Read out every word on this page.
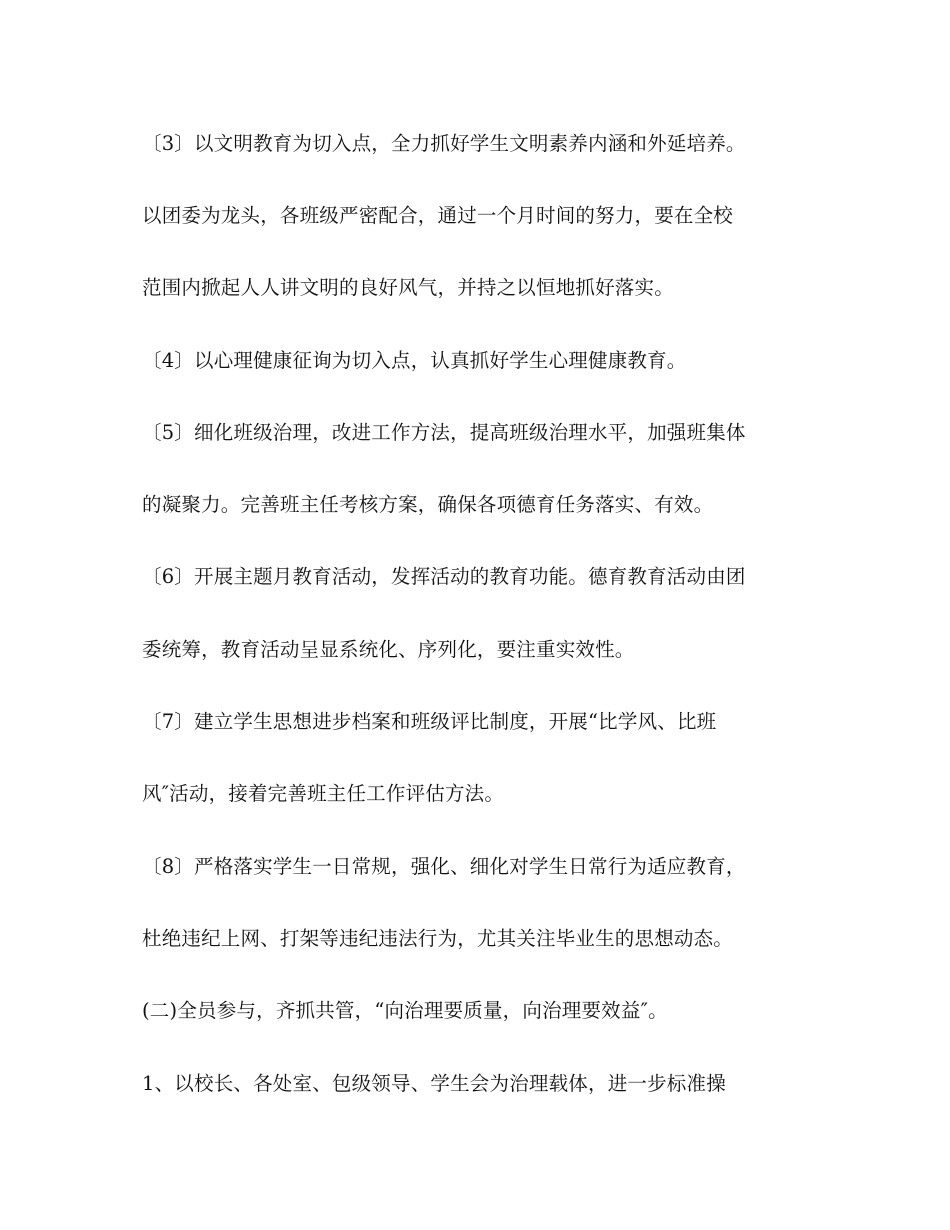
〔3〕以文明教育为切入点，全力抓好学生文明素养内涵和外延培养。
以团委为龙头，各班级严密配合，通过一个月时间的努力，要在全校
范围内掀起人人讲文明的良好风气，并持之以恒地抓好落实。
〔4〕以心理健康征询为切入点，认真抓好学生心理健康教育。
〔5〕细化班级治理，改进工作方法，提高班级治理水平，加强班集体
的凝聚力。完善班主任考核方案，确保各项德育任务落实、有效。
〔6〕开展主题月教育活动，发挥活动的教育功能。德育教育活动由团
委统筹，教育活动呈显系统化、序列化，要注重实效性。
〔7〕建立学生思想进步档案和班级评比制度，开展“比学风、比班
风″活动，接着完善班主任工作评估方法。
〔8〕严格落实学生一日常规，强化、细化对学生日常行为适应教育，
杜绝违纪上网、打架等违纪违法行为，尤其关注毕业生的思想动态。
(二)全员参与，齐抓共管，“向治理要质量，向治理要效益″。
1、以校长、各处室、包级领导、学生会为治理载体，进一步标准操
